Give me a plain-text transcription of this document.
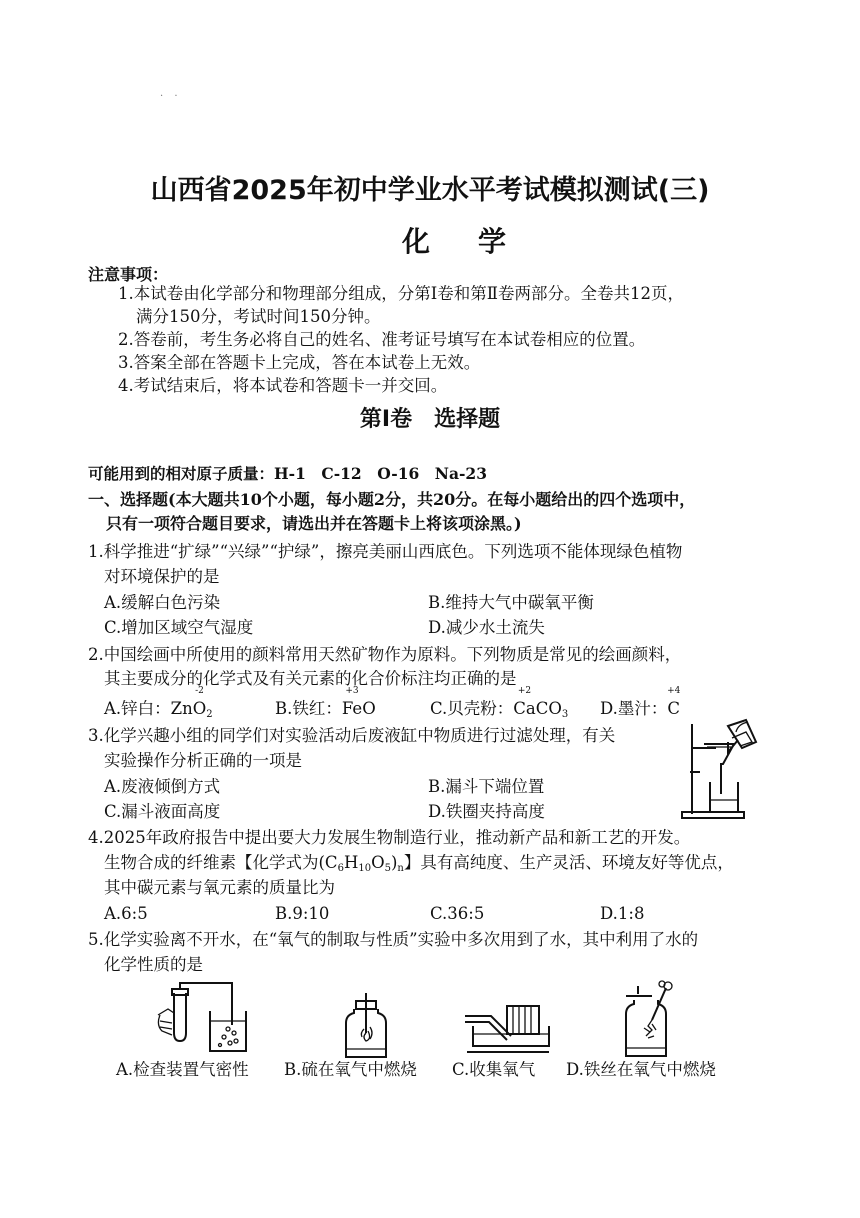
. .
山西省2025年初中学业水平考试模拟测试(三)
化学
注意事项：
1.本试卷由化学部分和物理部分组成，分第Ⅰ卷和第Ⅱ卷两部分。全卷共12页，
满分150分，考试时间150分钟。
2.答卷前，考生务必将自己的姓名、准考证号填写在本试卷相应的位置。
3.答案全部在答题卡上完成，答在本试卷上无效。
4.考试结束后，将本试卷和答题卡一并交回。
第Ⅰ卷　选择题
可能用到的相对原子质量：H-1　C-12　O-16　Na-23
一、选择题(本大题共10个小题，每小题2分，共20分。在每小题给出的四个选项中，
只有一项符合题目要求，请选出并在答题卡上将该项涂黑。)
1.科学推进“扩绿”“兴绿”“护绿”，擦亮美丽山西底色。下列选项不能体现绿色植物
对环境保护的是
A.缓解白色污染	B.维持大气中碳氧平衡
C.增加区域空气湿度	D.减少水土流失
2.中国绘画中所使用的颜料常用天然矿物作为原料。下列物质是常见的绘画颜料，
其主要成分的化学式及有关元素的化合价标注均正确的是
A.锌白：Zn
-2
$O_2$	B.铁红：
+3
FeO	C.贝壳粉：
+2
CaCO$_3$ D.墨汁：
+4
C
3.化学兴趣小组的同学们对实验活动后废液缸中物质进行过滤处理，有关
实验操作分析正确的一项是
A.废液倾倒方式	B.漏斗下端位置
C.漏斗液面高度	D.铁圈夹持高度
4.2025年政府报告中提出要大力发展生物制造行业，推动新产品和新工艺的开发。
生物合成的纤维素【化学式为$(C_6H_{10}O_5)_n$】具有高纯度、生产灵活、环境友好等优点，
其中碳元素与氧元素的质量比为
A.6:5	B.9:10	C.36:5	D.1:8
5.化学实验离不开水，在“氧气的制取与性质”实验中多次用到了水，其中利用了水的
化学性质的是
A.检查装置气密性 B.硫在氧气中燃烧 C.收集氧气 D.铁丝在氧气中燃烧
